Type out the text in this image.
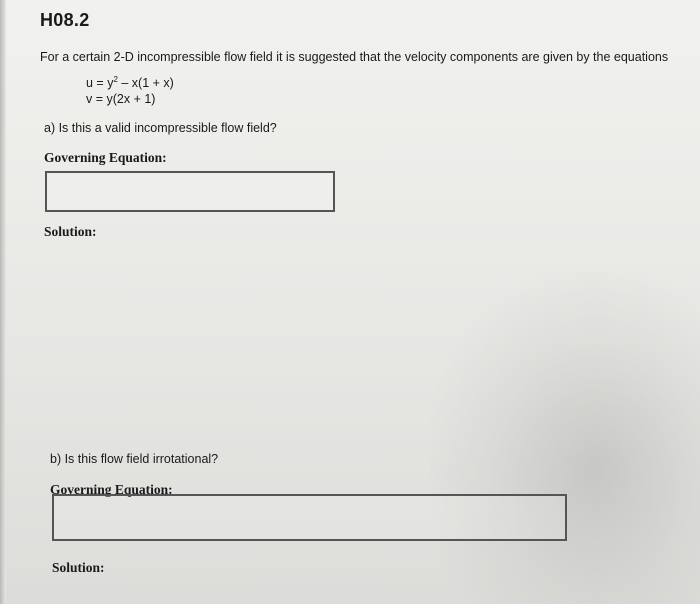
H08.2
For a certain 2-D incompressible flow field it is suggested that the velocity components are given by the equations
$u = y^2 - x(1 + x)$
v = y(2x + 1)
a) Is this a valid incompressible flow field?
Governing Equation:
Solution:
b) Is this flow field irrotational?
Governing Equation:
Solution:
